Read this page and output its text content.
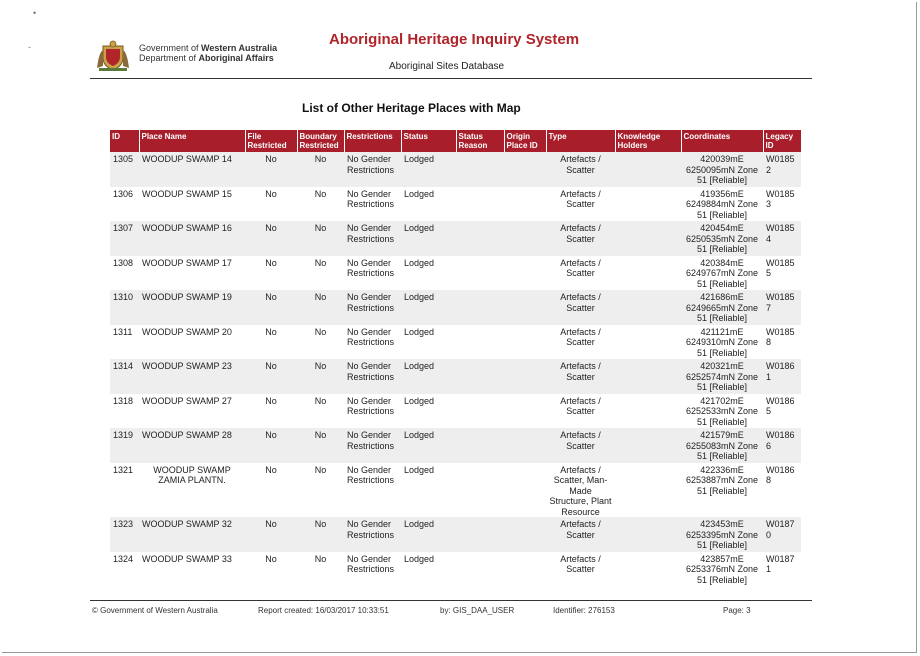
•
-	Government of Western Australia
Department of Aboriginal Affairs
Aboriginal Heritage Inquiry System
Aboriginal Sites Database
List of Other Heritage Places with Map
ID	Place Name	File Restricted	Boundary Restricted	Restrictions	Status	Status Reason	Origin Place ID	Type	Knowledge Holders	Coordinates	Legacy ID
1305	WOODUP SWAMP 14	No	No	No Gender Restrictions	Lodged			Artefacts / Scatter		420039mE 6250095mN Zone 51 [Reliable]	W0185 2
1306	WOODUP SWAMP 15	No	No	No Gender Restrictions	Lodged			Artefacts / Scatter		419356mE 6249884mN Zone 51 [Reliable]	W0185 3
1307	WOODUP SWAMP 16	No	No	No Gender Restrictions	Lodged			Artefacts / Scatter		420454mE 6250535mN Zone 51 [Reliable]	W0185 4
1308	WOODUP SWAMP 17	No	No	No Gender Restrictions	Lodged			Artefacts / Scatter		420384mE 6249767mN Zone 51 [Reliable]	W0185 5
1310	WOODUP SWAMP 19	No	No	No Gender Restrictions	Lodged			Artefacts / Scatter		421686mE 6249665mN Zone 51 [Reliable]	W0185 7
1311	WOODUP SWAMP 20	No	No	No Gender Restrictions	Lodged			Artefacts / Scatter		421121mE 6249310mN Zone 51 [Reliable]	W0185 8
1314	WOODUP SWAMP 23	No	No	No Gender Restrictions	Lodged			Artefacts / Scatter		420321mE 6252574mN Zone 51 [Reliable]	W0186 1
1318	WOODUP SWAMP 27	No	No	No Gender Restrictions	Lodged			Artefacts / Scatter		421702mE 6252533mN Zone 51 [Reliable]	W0186 5
1319	WOODUP SWAMP 28	No	No	No Gender Restrictions	Lodged			Artefacts / Scatter		421579mE 6255083mN Zone 51 [Reliable]	W0186 6
1321	WOODUP SWAMP ZAMIA PLANTN.	No	No	No Gender Restrictions	Lodged			Artefacts / Scatter, Man-Made Structure, Plant Resource		422336mE 6253887mN Zone 51 [Reliable]	W0186 8
1323	WOODUP SWAMP 32	No	No	No Gender Restrictions	Lodged			Artefacts / Scatter		423453mE 6253395mN Zone 51 [Reliable]	W0187 0
1324	WOODUP SWAMP 33	No	No	No Gender Restrictions	Lodged			Artefacts / Scatter		423857mE 6253376mN Zone 51 [Reliable]	W0187 1
© Government of Western Australia	Report created: 16/03/2017 10:33:51	by: GIS_DAA_USER	Identifier: 276153	Page: 3
